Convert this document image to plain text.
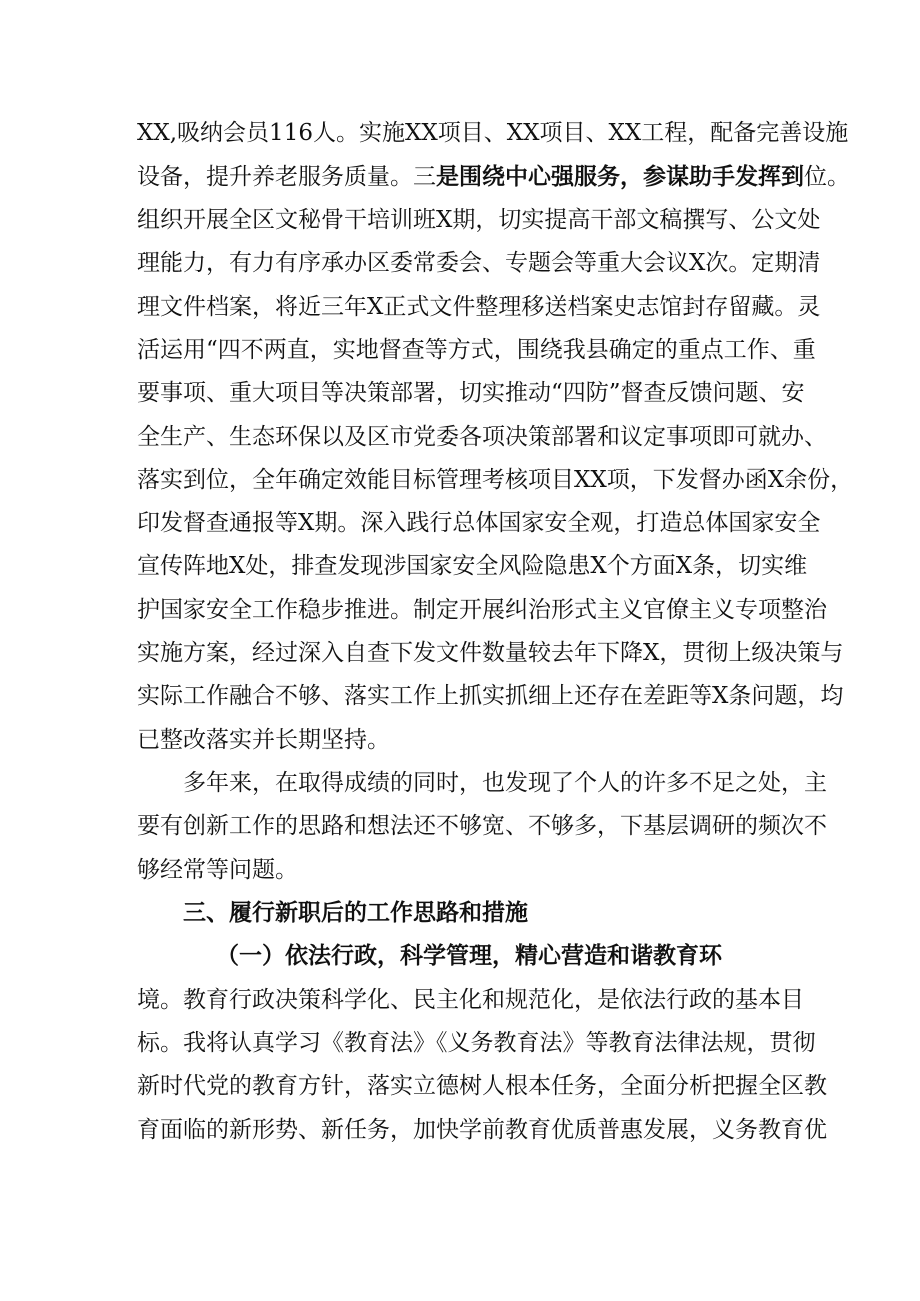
XX,吸纳会员116人。实施XX项目、XX项目、XX工程，配备完善设施
设备，提升养老服务质量。三是围绕中心强服务，参谋助手发挥到位。
组织开展全区文秘骨干培训班X期，切实提高干部文稿撰写、公文处
理能力，有力有序承办区委常委会、专题会等重大会议X次。定期清
理文件档案，将近三年X正式文件整理移送档案史志馆封存留藏。灵
活运用“四不两直，实地督查等方式，围绕我县确定的重点工作、重
要事项、重大项目等决策部署，切实推动“四防”督查反馈问题、安
全生产、生态环保以及区市党委各项决策部署和议定事项即可就办、
落实到位，全年确定效能目标管理考核项目XX项，下发督办函X余份，
印发督查通报等X期。深入践行总体国家安全观，打造总体国家安全
宣传阵地X处，排查发现涉国家安全风险隐患X个方面X条，切实维
护国家安全工作稳步推进。制定开展纠治形式主义官僚主义专项整治
实施方案，经过深入自查下发文件数量较去年下降X，贯彻上级决策与
实际工作融合不够、落实工作上抓实抓细上还存在差距等X条问题，均
已整改落实并长期坚持。
多年来，在取得成绩的同时，也发现了个人的许多不足之处，主
要有创新工作的思路和想法还不够宽、不够多，下基层调研的频次不
够经常等问题。
三、履行新职后的工作思路和措施
（一）依法行政，科学管理，精心营造和谐教育环
境。教育行政决策科学化、民主化和规范化，是依法行政的基本目
标。我将认真学习《教育法》《义务教育法》等教育法律法规，贯彻
新时代党的教育方针，落实立德树人根本任务，全面分析把握全区教
育面临的新形势、新任务，加快学前教育优质普惠发展，义务教育优
